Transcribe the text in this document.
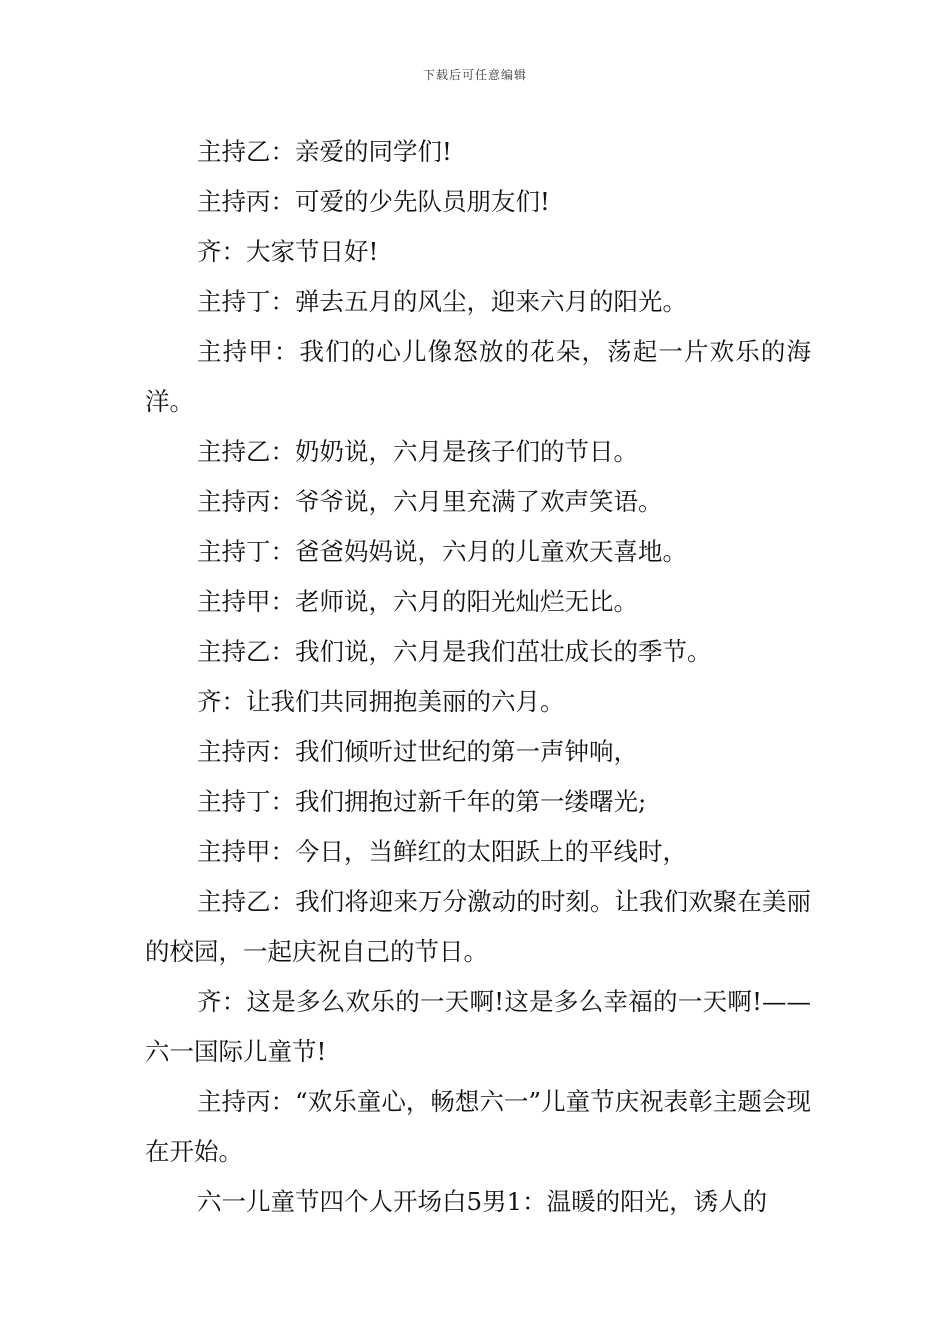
下载后可任意编辑

主持乙：亲爱的同学们!

主持丙：可爱的少先队员朋友们!

齐：大家节日好!

主持丁：弹去五月的风尘，迎来六月的阳光。

主持甲：我们的心儿像怒放的花朵，荡起一片欢乐的海洋。

主持乙：奶奶说，六月是孩子们的节日。

主持丙：爷爷说，六月里充满了欢声笑语。

主持丁：爸爸妈妈说，六月的儿童欢天喜地。

主持甲：老师说，六月的阳光灿烂无比。

主持乙：我们说，六月是我们茁壮成长的季节。

齐：让我们共同拥抱美丽的六月。

主持丙：我们倾听过世纪的第一声钟响，

主持丁：我们拥抱过新千年的第一缕曙光;

主持甲：今日，当鲜红的太阳跃上的平线时，

主持乙：我们将迎来万分激动的时刻。让我们欢聚在美丽的校园，一起庆祝自己的节日。

齐：这是多么欢乐的一天啊!这是多么幸福的一天啊!——六一国际儿童节!

主持丙：“欢乐童心，畅想六一”儿童节庆祝表彰主题会现在开始。

六一儿童节四个人开场白5男1：温暖的阳光，诱人的
